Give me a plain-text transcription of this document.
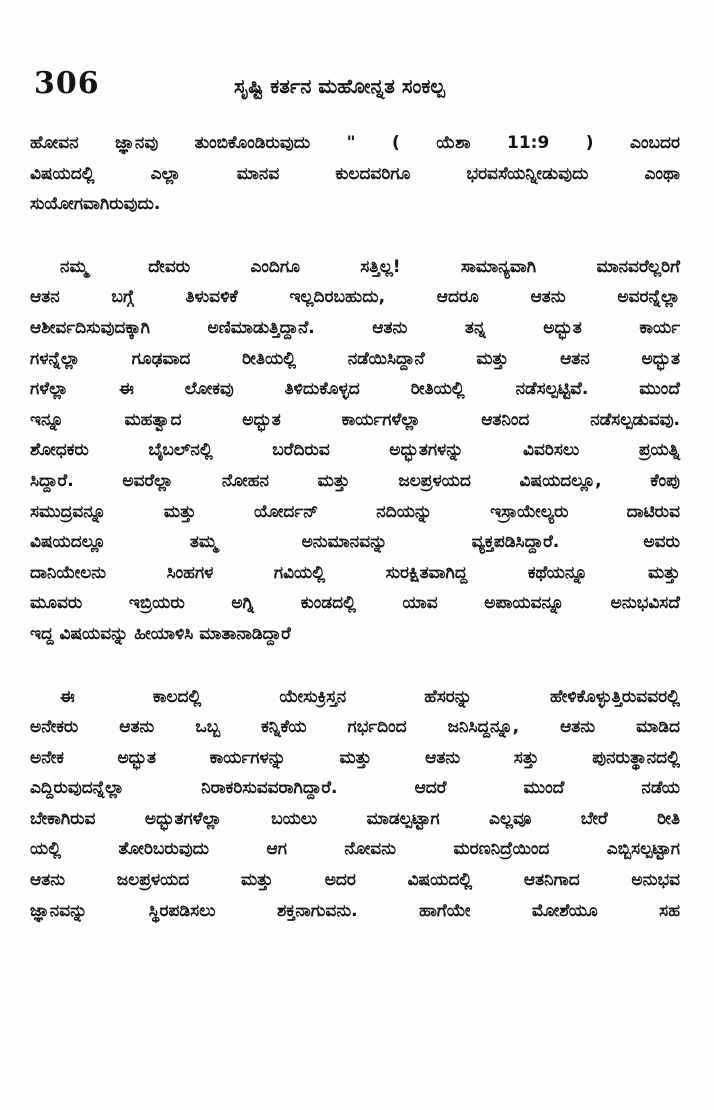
306	ಸೃಷ್ಟಿ ಕರ್ತನ ಮಹೋನ್ನತ ಸಂಕಲ್ಪ
ಹೋವನ ಜ್ಞಾನವು ತುಂಬಿಕೊಂಡಿರುವುದು " ( ಯೆಶಾ 11:9 ) ಎಂಬದರ
ವಿಷಯದಲ್ಲಿ ಎಲ್ಲಾ ಮಾನವ ಕುಲದವರಿಗೂ ಭರವಸೆಯನ್ನೀಡುವುದು ಎಂಥಾ
ಸುಯೋಗವಾಗಿರುವುದು.
ನಮ್ಮ ದೇವರು ಎಂದಿಗೂ ಸತ್ತಿಲ್ಲ! ಸಾಮಾನ್ಯವಾಗಿ ಮಾನವರೆಲ್ಲರಿಗೆ
ಆತನ ಬಗ್ಗೆ ತಿಳುವಳಿಕೆ ಇಲ್ಲದಿರಬಹುದು, ಆದರೂ ಆತನು ಅವರನ್ನೆಲ್ಲಾ
ಆಶೀರ್ವದಿಸುವುದಕ್ಕಾಗಿ ಅಣಿಮಾಡುತ್ತಿದ್ದಾನೆ. ಆತನು ತನ್ನ ಅದ್ಭುತ ಕಾರ್ಯ
ಗಳನ್ನೆಲ್ಲಾ ಗೂಢವಾದ ರೀತಿಯಲ್ಲಿ ನಡೆಯಿಸಿದ್ದಾನೆ ಮತ್ತು ಆತನ ಅದ್ಭುತ
ಗಳೆಲ್ಲಾ ಈ ಲೋಕವು ತಿಳಿದುಕೊಳ್ಳದ ರೀತಿಯಲ್ಲಿ ನಡೆಸಲ್ಪಟ್ಟಿವೆ. ಮುಂದೆ
ಇನ್ನೂ ಮಹತ್ವಾದ ಅದ್ಭುತ ಕಾರ್ಯಗಳೆಲ್ಲಾ ಆತನಿಂದ ನಡೆಸಲ್ಪಡುವವು.
ಶೋಧಕರು ಬೈಬಲ್‌ನಲ್ಲಿ ಬರೆದಿರುವ ಅದ್ಭುತಗಳನ್ನು ವಿವರಿಸಲು ಪ್ರಯತ್ನಿ
ಸಿದ್ದಾರೆ. ಅವರೆಲ್ಲಾ ನೋಹನ ಮತ್ತು ಜಲಪ್ರಳಯದ ವಿಷಯದಲ್ಲೂ, ಕೆಂಪು
ಸಮುದ್ರವನ್ನೂ ಮತ್ತು ಯೋರ್ದನ್ ನದಿಯನ್ನು ಇಸ್ರಾಯೇಲ್ಯರು ದಾಟಿರುವ
ವಿಷಯದಲ್ಲೂ ತಮ್ಮ ಅನುಮಾನವನ್ನು ವ್ಯಕ್ತಪಡಿಸಿದ್ದಾರೆ. ಅವರು
ದಾನಿಯೇಲನು ಸಿಂಹಗಳ ಗವಿಯಲ್ಲಿ ಸುರಕ್ಷಿತವಾಗಿದ್ದ ಕಥೆಯನ್ನೂ ಮತ್ತು
ಮೂವರು ಇಬ್ರಿಯರು ಅಗ್ನಿ ಕುಂಡದಲ್ಲಿ ಯಾವ ಅಪಾಯವನ್ನೂ ಅನುಭವಿಸದೆ
ಇದ್ದ ವಿಷಯವನ್ನು ಹೀಯಾಳಿಸಿ ಮಾತಾನಾಡಿದ್ದಾರೆ
ಈ ಕಾಲದಲ್ಲಿ ಯೇಸುಕ್ರಿಸ್ತನ ಹೆಸರನ್ನು ಹೇಳಿಕೊಳ್ಳುತ್ತಿರುವವರಲ್ಲಿ
ಅನೇಕರು ಆತನು ಒಬ್ಬ ಕನ್ನಿಕೆಯ ಗರ್ಭದಿಂದ ಜನಿಸಿದ್ದನ್ನೂ, ಆತನು ಮಾಡಿದ
ಅನೇಕ ಅದ್ಭುತ ಕಾರ್ಯಗಳನ್ನು ಮತ್ತು ಆತನು ಸತ್ತು ಪುನರುತ್ಥಾನದಲ್ಲಿ
ಎದ್ದಿರುವುದನ್ನೆಲ್ಲಾ ನಿರಾಕರಿಸುವವರಾಗಿದ್ದಾರೆ. ಆದರೆ ಮುಂದೆ ನಡೆಯ
ಬೇಕಾಗಿರುವ ಅದ್ಭುತಗಳೆಲ್ಲಾ ಬಯಲು ಮಾಡಲ್ಪಟ್ಟಾಗ ಎಲ್ಲವೂ ಬೇರೆ ರೀತಿ
ಯಲ್ಲಿ ತೋರಿಬರುವುದು ಆಗ ನೋವನು ಮರಣನಿದ್ರೆಯಿಂದ ಎಬ್ಬಿಸಲ್ಪಟ್ಟಾಗ
ಆತನು ಜಲಪ್ರಳಯದ ಮತ್ತು ಅದರ ವಿಷಯದಲ್ಲಿ ಆತನಿಗಾದ ಅನುಭವ
ಜ್ಞಾನವನ್ನು ಸ್ಥಿರಪಡಿಸಲು ಶಕ್ತನಾಗುವನು. ಹಾಗೆಯೇ ಮೋಶೆಯೂ ಸಹ
